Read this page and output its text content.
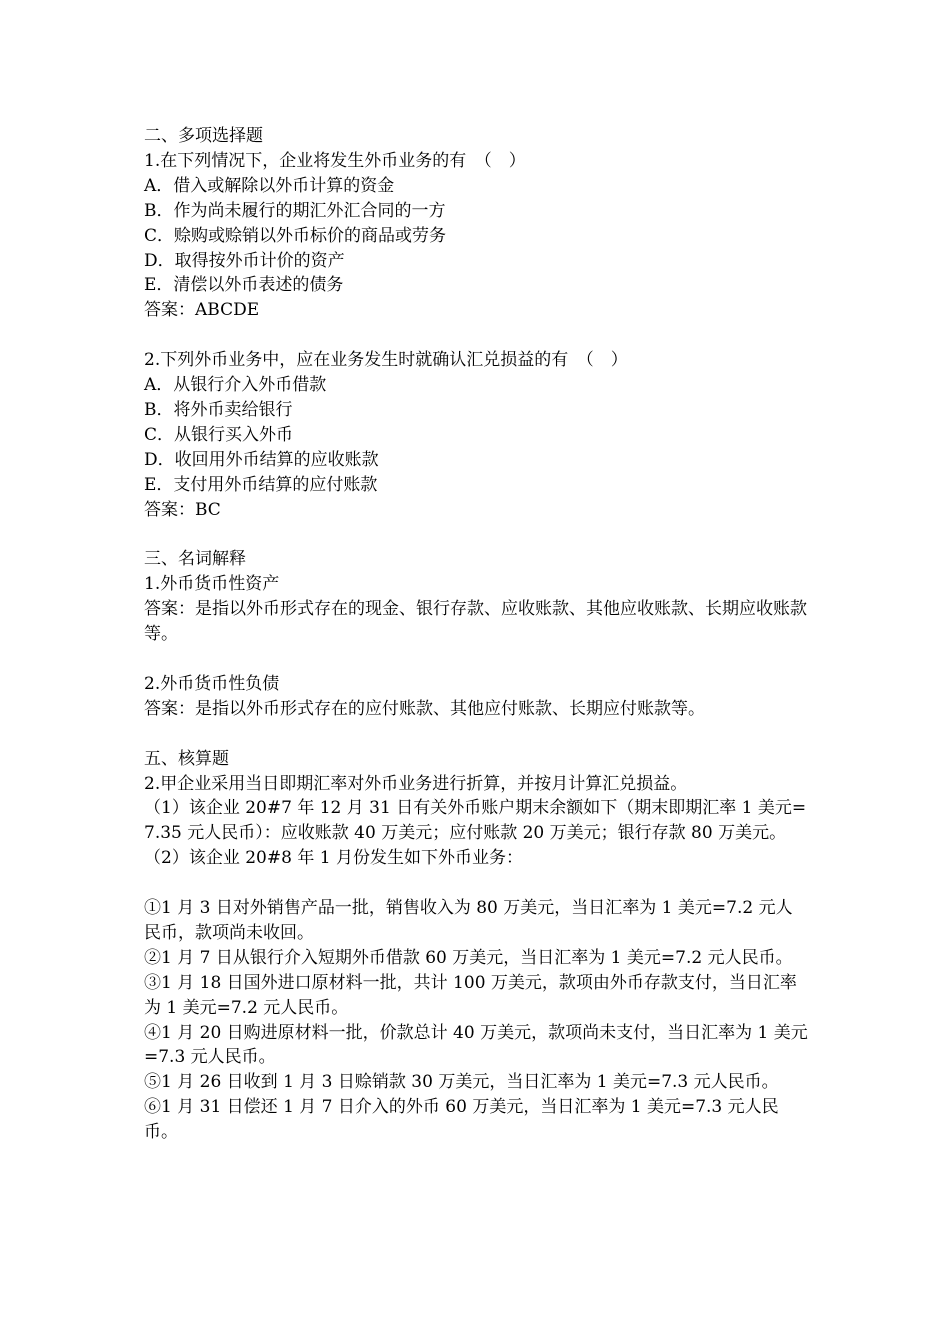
二、多项选择题
1.在下列情况下，企业将发生外币业务的有　（　）
A．借入或解除以外币计算的资金
B．作为尚未履行的期汇外汇合同的一方
C．赊购或赊销以外币标价的商品或劳务
D．取得按外币计价的资产
E．清偿以外币表述的债务
答案：ABCDE
2.下列外币业务中，应在业务发生时就确认汇兑损益的有　（　）
A．从银行介入外币借款
B．将外币卖给银行
C．从银行买入外币
D．收回用外币结算的应收账款
E．支付用外币结算的应付账款
答案：BC
三、名词解释
1.外币货币性资产
答案：是指以外币形式存在的现金、银行存款、应收账款、其他应收账款、长期应收账款等。
2.外币货币性负债
答案：是指以外币形式存在的应付账款、其他应付账款、长期应付账款等。
五、核算题
2.甲企业采用当日即期汇率对外币业务进行折算，并按月计算汇兑损益。
（1）该企业 20#7 年 12 月 31 日有关外币账户期末余额如下（期末即期汇率 1 美元=7.35 元人民币）：应收账款 40 万美元；应付账款 20 万美元；银行存款 80 万美元。
（2）该企业 20#8 年 1 月份发生如下外币业务：
①1 月 3 日对外销售产品一批，销售收入为 80 万美元，当日汇率为 1 美元=7.2 元人民币，款项尚未收回。
②1 月 7 日从银行介入短期外币借款 60 万美元，当日汇率为 1 美元=7.2 元人民币。
③1 月 18 日国外进口原材料一批，共计 100 万美元，款项由外币存款支付，当日汇率为 1 美元=7.2 元人民币。
④1 月 20 日购进原材料一批，价款总计 40 万美元，款项尚未支付，当日汇率为 1 美元=7.3 元人民币。
⑤1 月 26 日收到 1 月 3 日赊销款 30 万美元，当日汇率为 1 美元=7.3 元人民币。
⑥1 月 31 日偿还 1 月 7 日介入的外币 60 万美元，当日汇率为 1 美元=7.3 元人民币。
